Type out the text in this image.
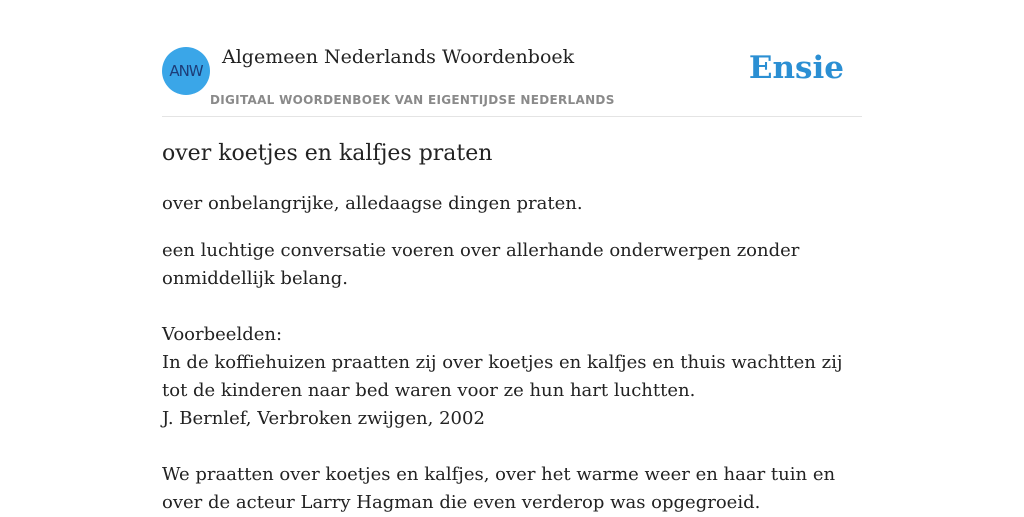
ANW
Algemeen Nederlands Woordenboek
DIGITAAL WOORDENBOEK VAN EIGENTIJDSE NEDERLANDS
Ensie
over koetjes en kalfjes praten
over onbelangrijke, alledaagse dingen praten.
een luchtige conversatie voeren over allerhande onderwerpen zonder onmiddellijk belang.

Voorbeelden:
In de koffiehuizen praatten zij over koetjes en kalfjes en thuis wachtten zij tot de kinderen naar bed waren voor ze hun hart luchtten.
J. Bernlef, Verbroken zwijgen, 2002

We praatten over koetjes en kalfjes, over het warme weer en haar tuin en over de acteur Larry Hagman die even verderop was opgegroeid.
